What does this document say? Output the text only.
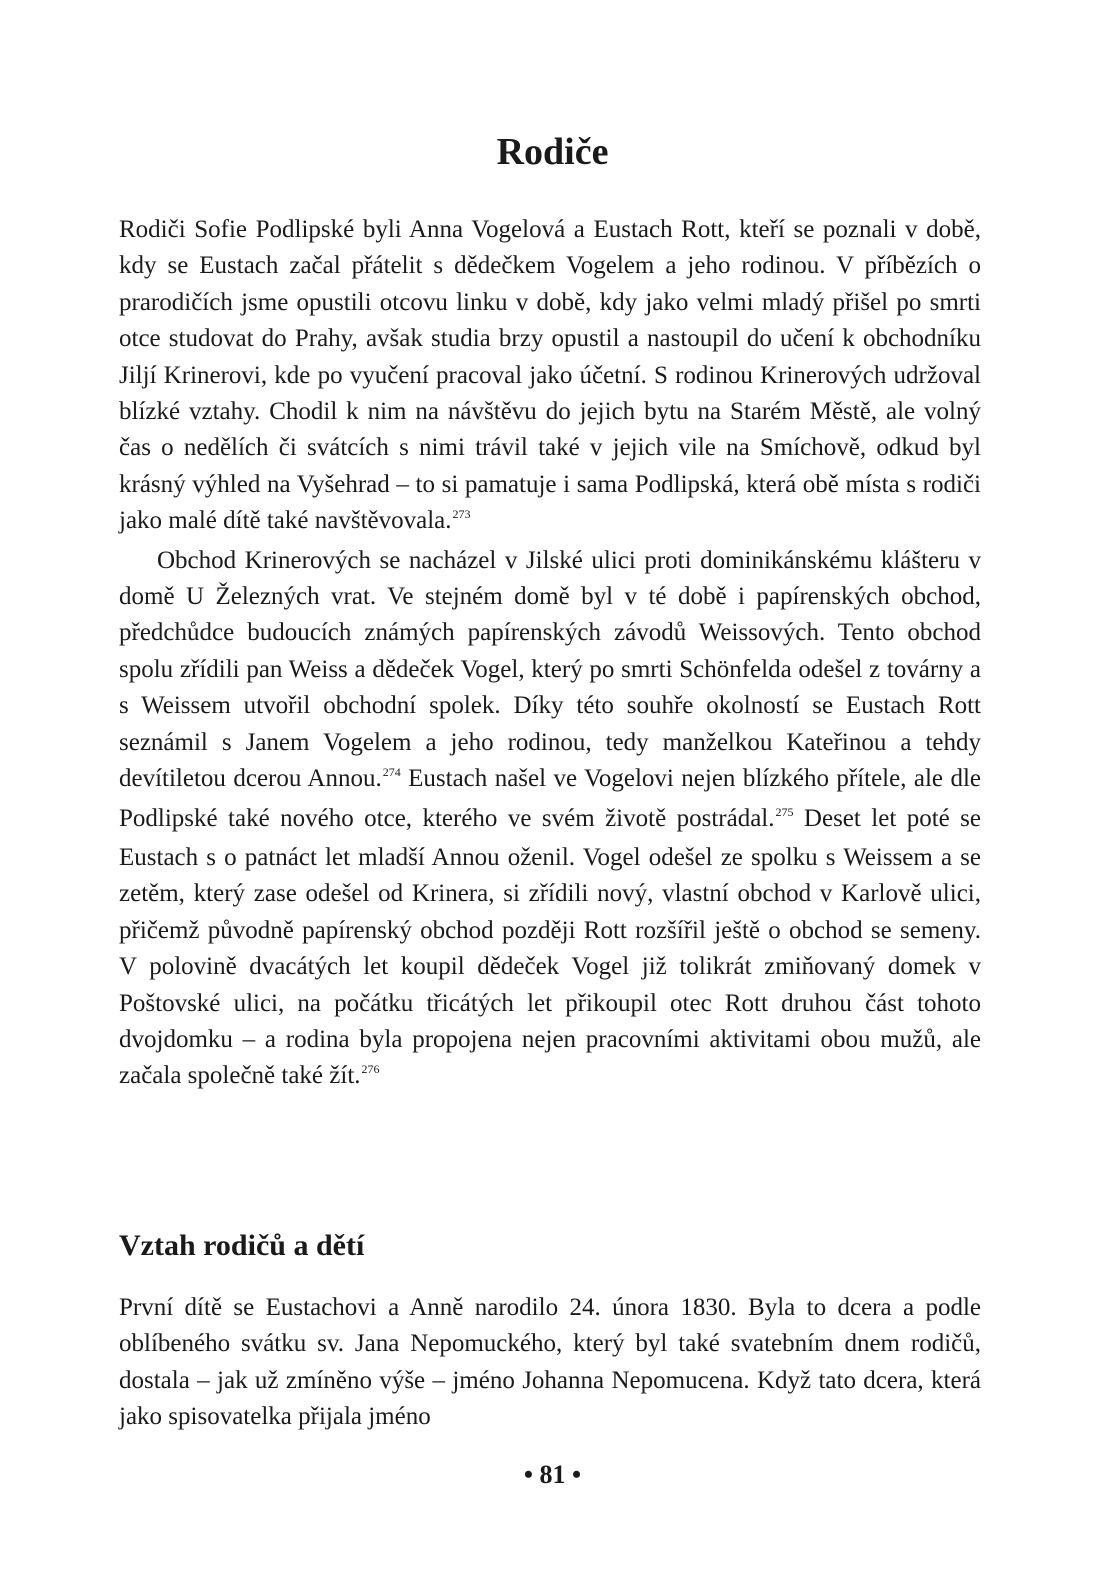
Rodiče

Rodiči Sofie Podlipské byli Anna Vogelová a Eustach Rott, kteří se poznali v době, kdy se Eustach začal přátelit s dědečkem Vogelem a jeho rodinou. V příbězích o prarodičích jsme opustili otcovu linku v době, kdy jako velmi mladý přišel po smrti otce studovat do Prahy, avšak studia brzy opustil a nastoupil do učení k obchodníku Jiljí Krinerovi, kde po vyučení pracoval jako účetní. S rodinou Krinerových udržoval blízké vztahy. Chodil k nim na návštěvu do jejich bytu na Starém Městě, ale volný čas o nedělích či svátcích s nimi trávil také v jejich vile na Smíchově, odkud byl krásný výhled na Vyšehrad – to si pamatuje i sama Podlipská, která obě místa s rodiči jako malé dítě také navštěvovala.$^{273}$

Obchod Krinerových se nacházel v Jilské ulici proti dominikánskému klášteru v domě U Železných vrat. Ve stejném domě byl v té době i papírenských obchod, předchůdce budoucích známých papírenských závodů Weissových. Tento obchod spolu zřídili pan Weiss a dědeček Vogel, který po smrti Schönfelda odešel z továrny a s Weissem utvořil obchodní spolek. Díky této souhře okolností se Eustach Rott seznámil s Janem Vogelem a jeho rodinou, tedy manželkou Kateřinou a tehdy devítiletou dcerou Annou.$^{274}$ Eustach našel ve Vogelovi nejen blízkého přítele, ale dle Podlipské také nového otce, kterého ve svém životě postrádal.$^{275}$ Deset let poté se Eustach s o patnáct let mladší Annou oženil. Vogel odešel ze spolku s Weissem a se zetěm, který zase odešel od Krinera, si zřídili nový, vlastní obchod v Karlově ulici, přičemž původně papírenský obchod později Rott rozšířil ještě o obchod se semeny. V polovině dvacátých let koupil dědeček Vogel již tolikrát zmiňovaný domek v Poštovské ulici, na počátku třicátých let přikoupil otec Rott druhou část tohoto dvojdomku – a rodina byla propojena nejen pracovními aktivitami obou mužů, ale začala společně také žít.$^{276}$

Vztah rodičů a dětí

První dítě se Eustachovi a Anně narodilo 24. února 1830. Byla to dcera a podle oblíbeného svátku sv. Jana Nepomuckého, který byl také svatebním dnem rodičů, dostala – jak už zmíněno výše – jméno Johanna Nepomucena. Když tato dcera, která jako spisovatelka přijala jméno

• 81 •
